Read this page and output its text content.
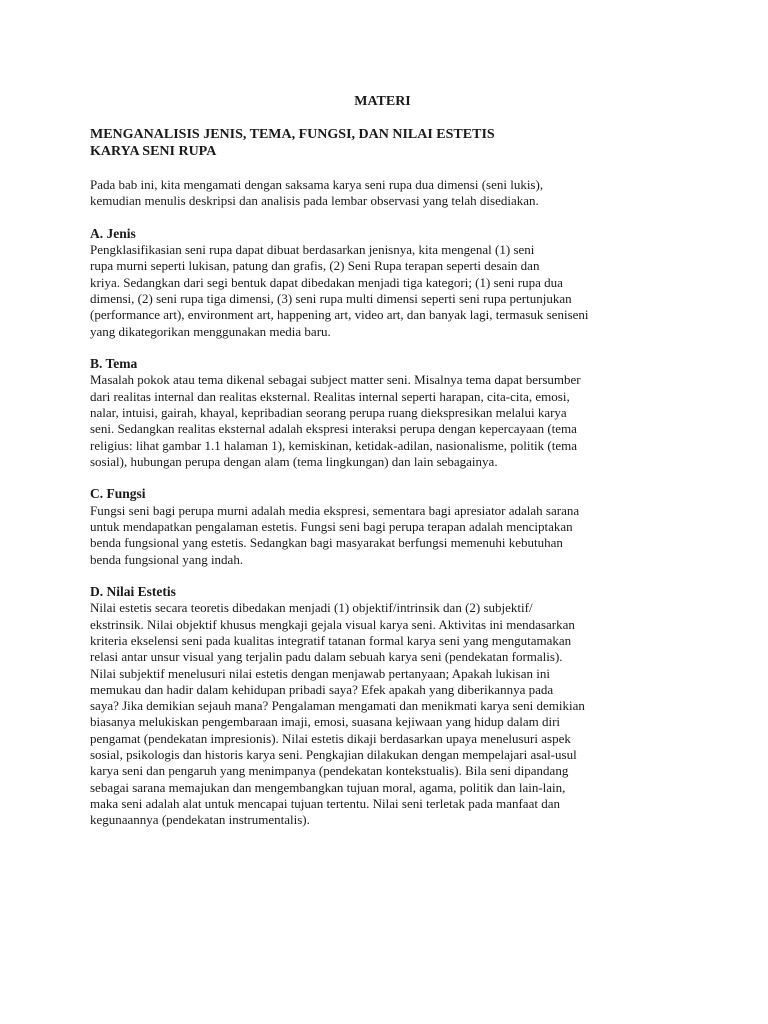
MATERI
MENGANALISIS JENIS, TEMA, FUNGSI, DAN NILAI ESTETIS
KARYA SENI RUPA

Pada bab ini, kita mengamati dengan saksama karya seni rupa dua dimensi (seni lukis),
kemudian menulis deskripsi dan analisis pada lembar observasi yang telah disediakan.

A. Jenis

Pengklasifikasian seni rupa dapat dibuat berdasarkan jenisnya, kita mengenal (1) seni
rupa murni seperti lukisan, patung dan grafis, (2) Seni Rupa terapan seperti desain dan
kriya. Sedangkan dari segi bentuk dapat dibedakan menjadi tiga kategori; (1) seni rupa dua
dimensi, (2) seni rupa tiga dimensi, (3) seni rupa multi dimensi seperti seni rupa pertunjukan
(performance art), environment art, happening art, video art, dan banyak lagi, termasuk seniseni
yang dikategorikan menggunakan media baru.

B. Tema

Masalah pokok atau tema dikenal sebagai subject matter seni. Misalnya tema dapat bersumber
dari realitas internal dan realitas eksternal. Realitas internal seperti harapan, cita-cita, emosi,
nalar, intuisi, gairah, khayal, kepribadian seorang perupa ruang diekspresikan melalui karya
seni. Sedangkan realitas eksternal adalah ekspresi interaksi perupa dengan kepercayaan (tema
religius: lihat gambar 1.1 halaman 1), kemiskinan, ketidak-adilan, nasionalisme, politik (tema
sosial), hubungan perupa dengan alam (tema lingkungan) dan lain sebagainya.

C. Fungsi

Fungsi seni bagi perupa murni adalah media ekspresi, sementara bagi apresiator adalah sarana
untuk mendapatkan pengalaman estetis. Fungsi seni bagi perupa terapan adalah menciptakan
benda fungsional yang estetis. Sedangkan bagi masyarakat berfungsi memenuhi kebutuhan
benda fungsional yang indah.

D. Nilai Estetis

Nilai estetis secara teoretis dibedakan menjadi (1) objektif/intrinsik dan (2) subjektif/
ekstrinsik. Nilai objektif khusus mengkaji gejala visual karya seni. Aktivitas ini mendasarkan
kriteria ekselensi seni pada kualitas integratif tatanan formal karya seni yang mengutamakan
relasi antar unsur visual yang terjalin padu dalam sebuah karya seni (pendekatan formalis).
Nilai subjektif menelusuri nilai estetis dengan menjawab pertanyaan; Apakah lukisan ini
memukau dan hadir dalam kehidupan pribadi saya? Efek apakah yang diberikannya pada
saya? Jika demikian sejauh mana? Pengalaman mengamati dan menikmati karya seni demikian
biasanya melukiskan pengembaraan imaji, emosi, suasana kejiwaan yang hidup dalam diri
pengamat (pendekatan impresionis). Nilai estetis dikaji berdasarkan upaya menelusuri aspek
sosial, psikologis dan historis karya seni. Pengkajian dilakukan dengan mempelajari asal-usul
karya seni dan pengaruh yang menimpanya (pendekatan kontekstualis). Bila seni dipandang
sebagai sarana memajukan dan mengembangkan tujuan moral, agama, politik dan lain-lain,
maka seni adalah alat untuk mencapai tujuan tertentu. Nilai seni terletak pada manfaat dan
kegunaannya (pendekatan instrumentalis).
